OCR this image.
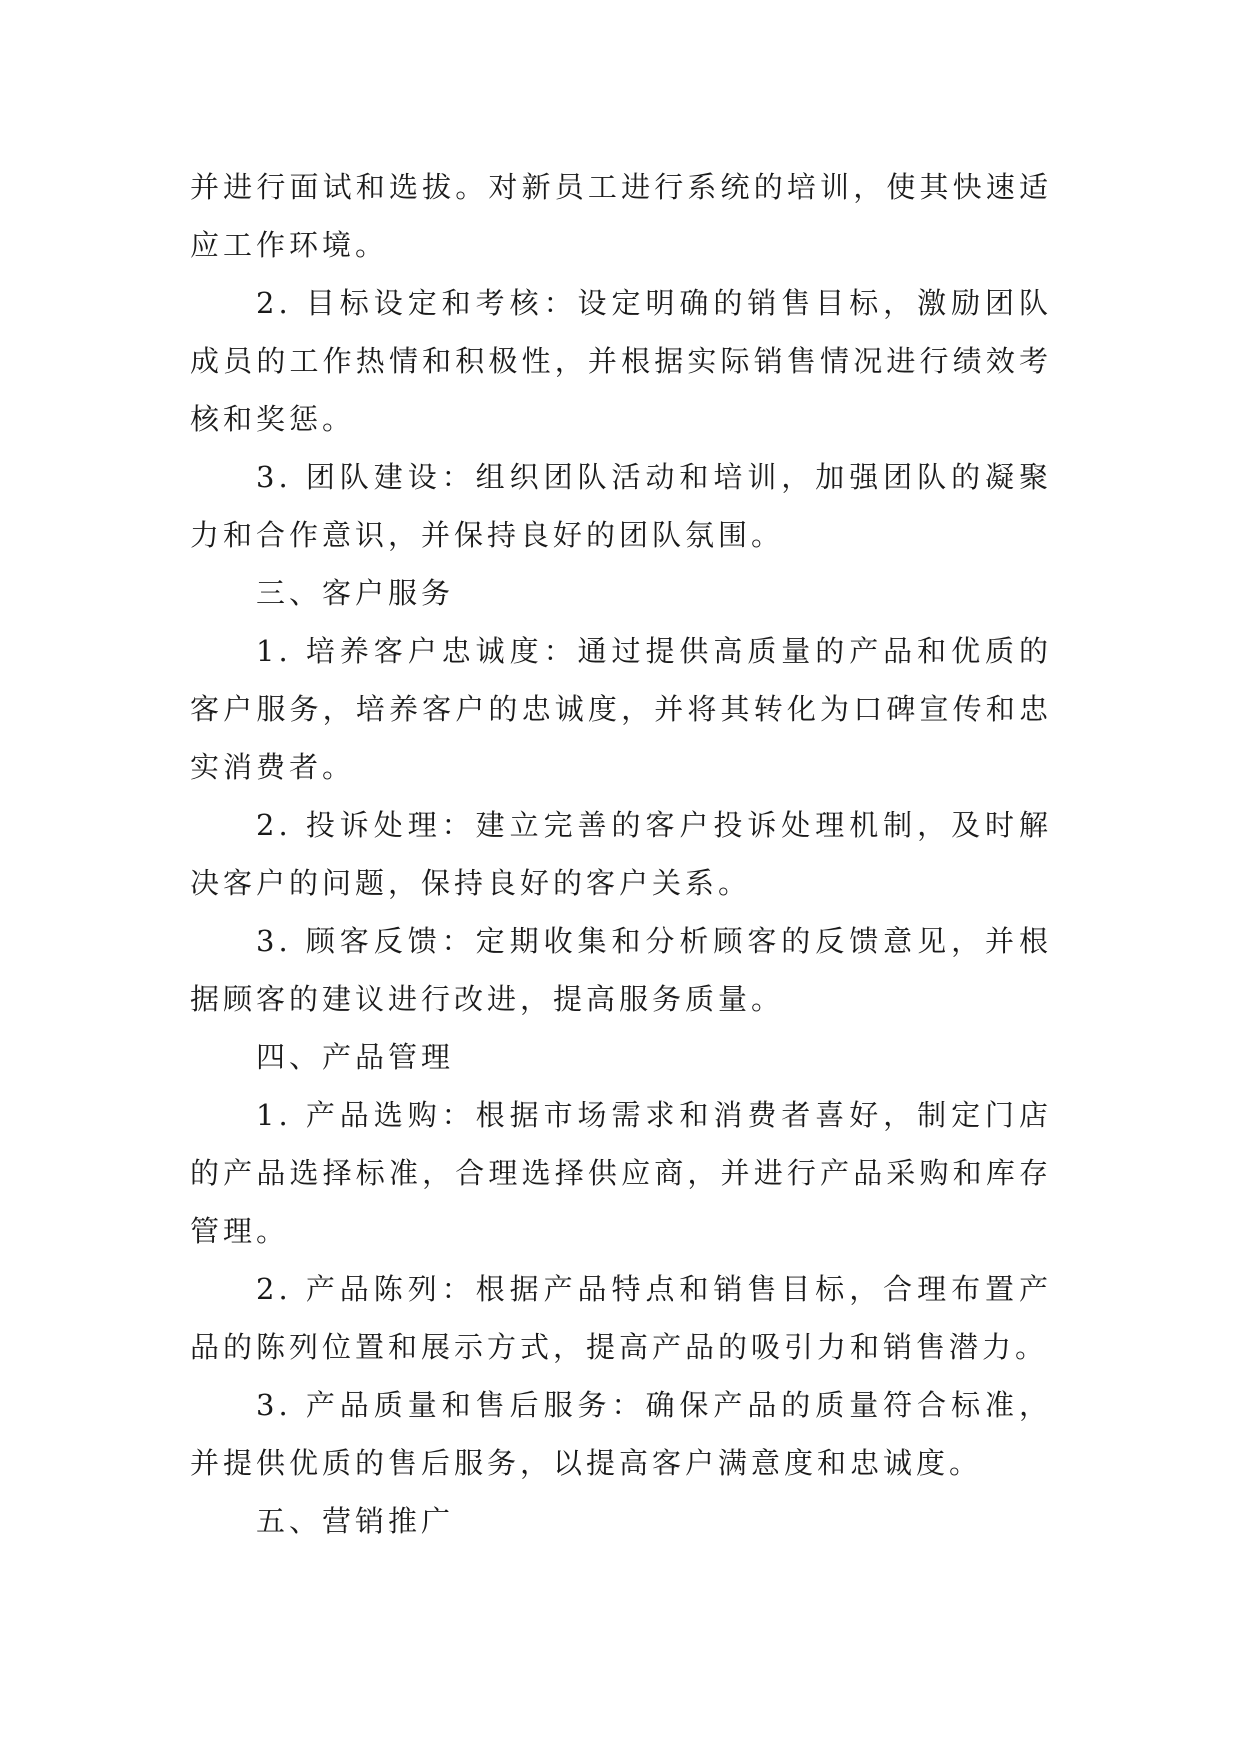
并进行面试和选拔。对新员工进行系统的培训，使其快速适应工作环境。

2. 目标设定和考核：设定明确的销售目标，激励团队成员的工作热情和积极性，并根据实际销售情况进行绩效考核和奖惩。

3. 团队建设：组织团队活动和培训，加强团队的凝聚力和合作意识，并保持良好的团队氛围。

三、客户服务

1. 培养客户忠诚度：通过提供高质量的产品和优质的客户服务，培养客户的忠诚度，并将其转化为口碑宣传和忠实消费者。

2. 投诉处理：建立完善的客户投诉处理机制，及时解决客户的问题，保持良好的客户关系。

3. 顾客反馈：定期收集和分析顾客的反馈意见，并根据顾客的建议进行改进，提高服务质量。

四、产品管理

1. 产品选购：根据市场需求和消费者喜好，制定门店的产品选择标准，合理选择供应商，并进行产品采购和库存管理。

2. 产品陈列：根据产品特点和销售目标，合理布置产品的陈列位置和展示方式，提高产品的吸引力和销售潜力。

3. 产品质量和售后服务：确保产品的质量符合标准，并提供优质的售后服务，以提高客户满意度和忠诚度。

五、营销推广
